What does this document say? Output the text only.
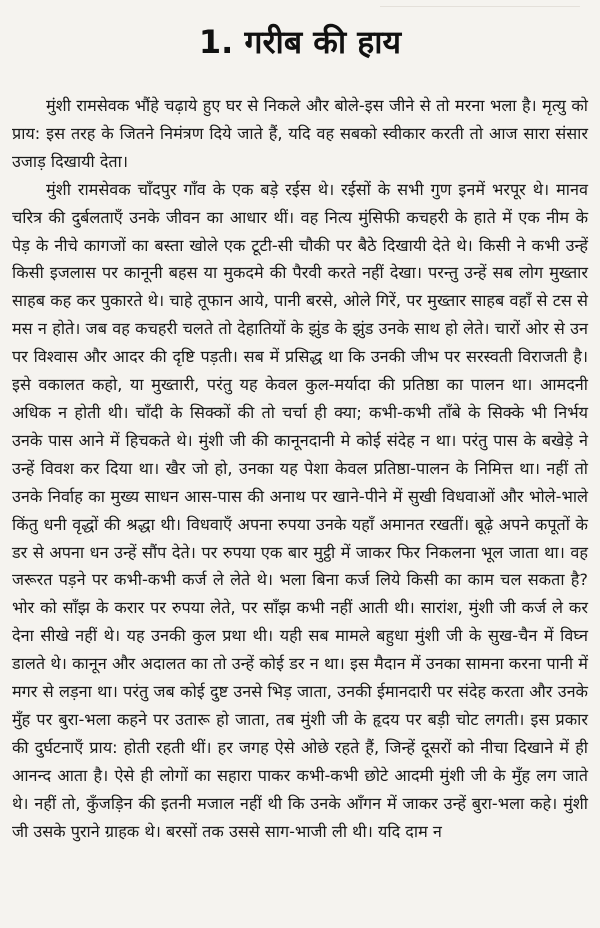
1. गरीब की हाय

मुंशी रामसेवक भौंहे चढ़ाये हुए घर से निकले और बोले-इस जीने से तो मरना भला है। मृत्यु को प्राय: इस तरह के जितने निमंत्रण दिये जाते हैं, यदि वह सबको स्वीकार करती तो आज सारा संसार उजाड़ दिखायी देता।

मुंशी रामसेवक चाँदपुर गाँव के एक बड़े रईस थे। रईसों के सभी गुण इनमें भरपूर थे। मानव चरित्र की दुर्बलताएँ उनके जीवन का आधार थीं। वह नित्य मुंसिफी कचहरी के हाते में एक नीम के पेड़ के नीचे कागजों का बस्ता खोले एक टूटी-सी चौकी पर बैठे दिखायी देते थे। किसी ने कभी उन्हें किसी इजलास पर कानूनी बहस या मुकदमे की पैरवी करते नहीं देखा। परन्तु उन्हें सब लोग मुख्तार साहब कह कर पुकारते थे। चाहे तूफान आये, पानी बरसे, ओले गिरें, पर मुख्तार साहब वहाँ से टस से मस न होते। जब वह कचहरी चलते तो देहातियों के झुंड के झुंड उनके साथ हो लेते। चारों ओर से उन पर विश्वास और आदर की दृष्टि पड़ती। सब में प्रसिद्ध था कि उनकी जीभ पर सरस्वती विराजती है। इसे वकालत कहो, या मुख्तारी, परंतु यह केवल कुल-मर्यादा की प्रतिष्ठा का पालन था। आमदनी अधिक न होती थी। चाँदी के सिक्कों की तो चर्चा ही क्या; कभी-कभी ताँबे के सिक्के भी निर्भय उनके पास आने में हिचकते थे। मुंशी जी की कानूनदानी मे कोई संदेह न था। परंतु पास के बखेड़े ने उन्हें विवश कर दिया था। खैर जो हो, उनका यह पेशा केवल प्रतिष्ठा-पालन के निमित्त था। नहीं तो उनके निर्वाह का मुख्य साधन आस-पास की अनाथ पर खाने-पीने में सुखी विधवाओं और भोले-भाले किंतु धनी वृद्धों की श्रद्धा थी। विधवाएँ अपना रुपया उनके यहाँ अमानत रखतीं। बूढ़े अपने कपूतों के डर से अपना धन उन्हें सौंप देते। पर रुपया एक बार मुट्ठी में जाकर फिर निकलना भूल जाता था। वह जरूरत पड़ने पर कभी-कभी कर्ज ले लेते थे। भला बिना कर्ज लिये किसी का काम चल सकता है? भोर को साँझ के करार पर रुपया लेते, पर साँझ कभी नहीं आती थी। सारांश, मुंशी जी कर्ज ले कर देना सीखे नहीं थे। यह उनकी कुल प्रथा थी। यही सब मामले बहुधा मुंशी जी के सुख-चैन में विघ्न डालते थे। कानून और अदालत का तो उन्हें कोई डर न था। इस मैदान में उनका सामना करना पानी में मगर से लड़ना था। परंतु जब कोई दुष्ट उनसे भिड़ जाता, उनकी ईमानदारी पर संदेह करता और उनके मुँह पर बुरा-भला कहने पर उतारू हो जाता, तब मुंशी जी के हृदय पर बड़ी चोट लगती। इस प्रकार की दुर्घटनाएँ प्राय: होती रहती थीं। हर जगह ऐसे ओछे रहते हैं, जिन्हें दूसरों को नीचा दिखाने में ही आनन्द आता है। ऐसे ही लोगों का सहारा पाकर कभी-कभी छोटे आदमी मुंशी जी के मुँह लग जाते थे। नहीं तो, कुँजड़िन की इतनी मजाल नहीं थी कि उनके आँगन में जाकर उन्हें बुरा-भला कहे। मुंशी जी उसके पुराने ग्राहक थे। बरसों तक उससे साग-भाजी ली थी। यदि दाम न
